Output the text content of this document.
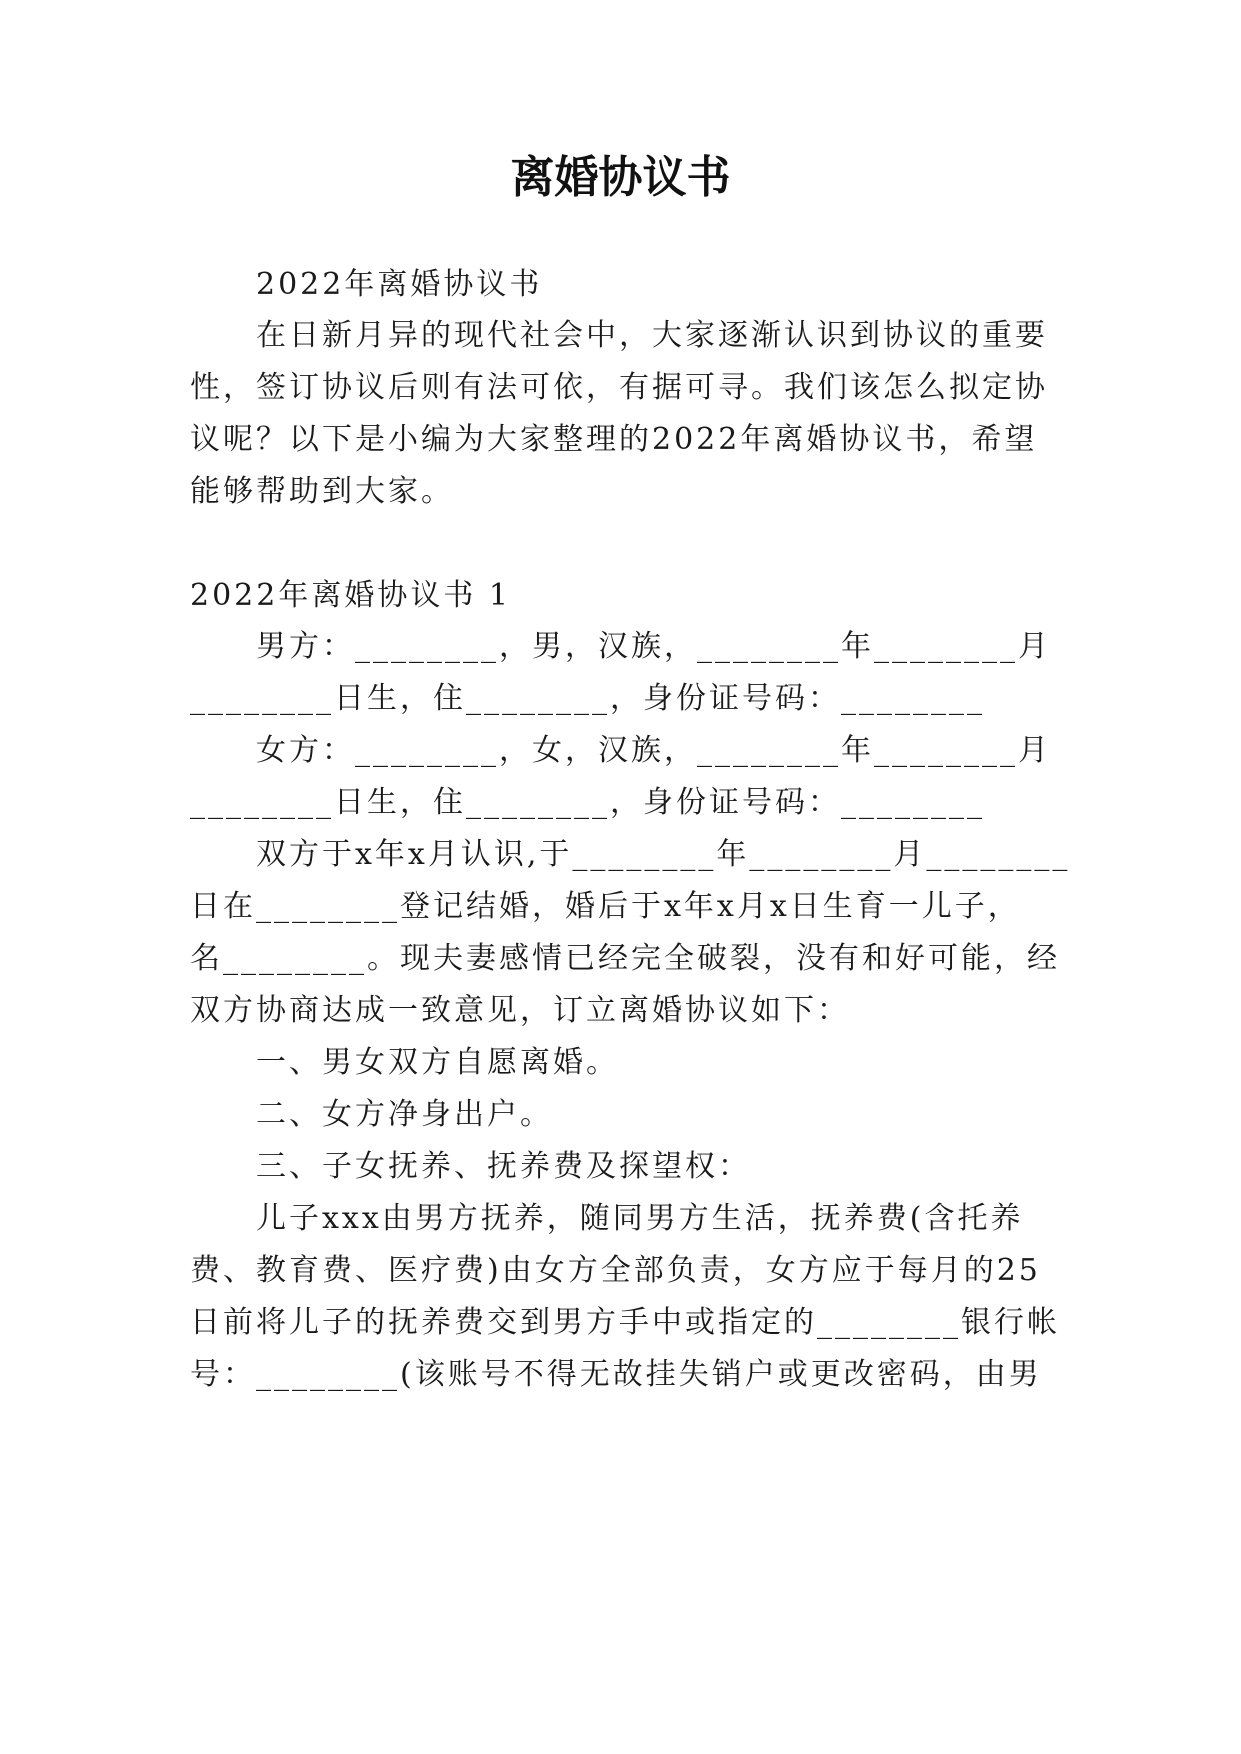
离婚协议书
2022年离婚协议书
在日新月异的现代社会中，大家逐渐认识到协议的重要
性，签订协议后则有法可依，有据可寻。我们该怎么拟定协
议呢？以下是小编为大家整理的2022年离婚协议书，希望
能够帮助到大家。
2022年离婚协议书 1
男方：________，男，汉族，________年________月
________日生，住________，身份证号码：________
女方：________，女，汉族，________年________月
________日生，住________，身份证号码：________
双方于x年x月认识,于________年________月________
日在________登记结婚，婚后于x年x月x日生育一儿子，
名________。现夫妻感情已经完全破裂，没有和好可能，经
双方协商达成一致意见，订立离婚协议如下：
一、男女双方自愿离婚。
二、女方净身出户。
三、子女抚养、抚养费及探望权：
儿子xxx由男方抚养，随同男方生活，抚养费(含托养
费、教育费、医疗费)由女方全部负责，女方应于每月的25
日前将儿子的抚养费交到男方手中或指定的________银行帐
号：________(该账号不得无故挂失销户或更改密码，由男
